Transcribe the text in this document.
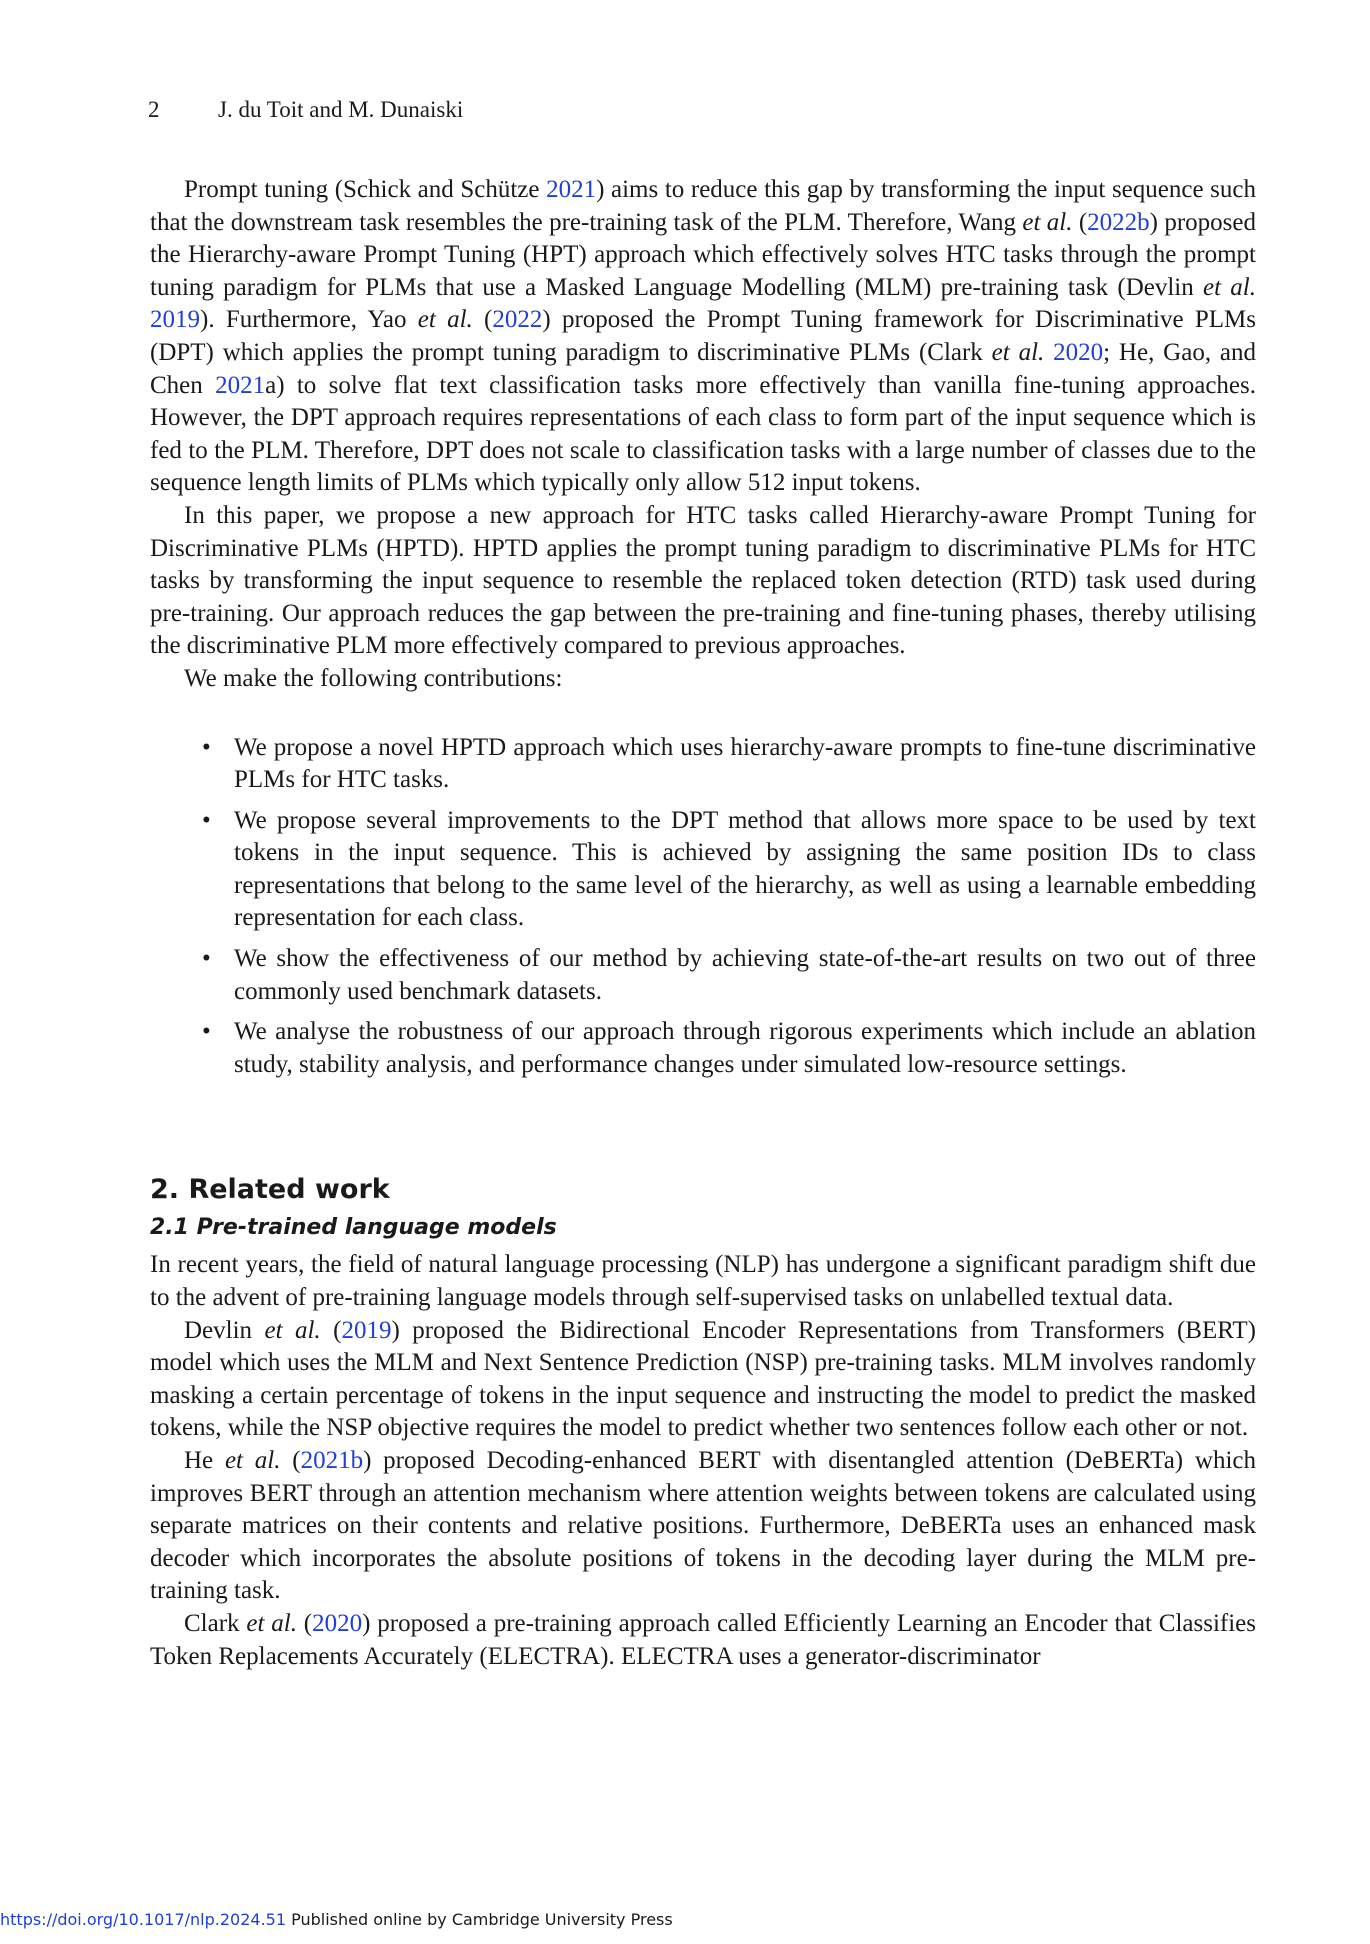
2	J. du Toit and M. Dunaiski

Prompt tuning (Schick and Schütze 2021) aims to reduce this gap by transforming the input sequence such that the downstream task resembles the pre-training task of the PLM. Therefore, Wang et al. (2022b) proposed the Hierarchy-aware Prompt Tuning (HPT) approach which effectively solves HTC tasks through the prompt tuning paradigm for PLMs that use a Masked Language Modelling (MLM) pre-training task (Devlin et al. 2019). Furthermore, Yao et al. (2022) proposed the Prompt Tuning framework for Discriminative PLMs (DPT) which applies the prompt tuning paradigm to discriminative PLMs (Clark et al. 2020; He, Gao, and Chen 2021a) to solve flat text classification tasks more effectively than vanilla fine-tuning approaches. However, the DPT approach requires representations of each class to form part of the input sequence which is fed to the PLM. Therefore, DPT does not scale to classification tasks with a large number of classes due to the sequence length limits of PLMs which typically only allow 512 input tokens.

In this paper, we propose a new approach for HTC tasks called Hierarchy-aware Prompt Tuning for Discriminative PLMs (HPTD). HPTD applies the prompt tuning paradigm to discriminative PLMs for HTC tasks by transforming the input sequence to resemble the replaced token detection (RTD) task used during pre-training. Our approach reduces the gap between the pre-training and fine-tuning phases, thereby utilising the discriminative PLM more effectively compared to previous approaches.

We make the following contributions:

• We propose a novel HPTD approach which uses hierarchy-aware prompts to fine-tune discriminative PLMs for HTC tasks.
• We propose several improvements to the DPT method that allows more space to be used by text tokens in the input sequence. This is achieved by assigning the same position IDs to class representations that belong to the same level of the hierarchy, as well as using a learnable embedding representation for each class.
• We show the effectiveness of our method by achieving state-of-the-art results on two out of three commonly used benchmark datasets.
• We analyse the robustness of our approach through rigorous experiments which include an ablation study, stability analysis, and performance changes under simulated low-resource settings.
2. Related work
2.1 Pre-trained language models

In recent years, the field of natural language processing (NLP) has undergone a significant paradigm shift due to the advent of pre-training language models through self-supervised tasks on unlabelled textual data.

Devlin et al. (2019) proposed the Bidirectional Encoder Representations from Transformers (BERT) model which uses the MLM and Next Sentence Prediction (NSP) pre-training tasks. MLM involves randomly masking a certain percentage of tokens in the input sequence and instructing the model to predict the masked tokens, while the NSP objective requires the model to predict whether two sentences follow each other or not.

He et al. (2021b) proposed Decoding-enhanced BERT with disentangled attention (DeBERTa) which improves BERT through an attention mechanism where attention weights between tokens are calculated using separate matrices on their contents and relative positions. Furthermore, DeBERTa uses an enhanced mask decoder which incorporates the absolute positions of tokens in the decoding layer during the MLM pre-training task.

Clark et al. (2020) proposed a pre-training approach called Efficiently Learning an Encoder that Classifies Token Replacements Accurately (ELECTRA). ELECTRA uses a generator-discriminator

https://doi.org/10.1017/nlp.2024.51 Published online by Cambridge University Press
